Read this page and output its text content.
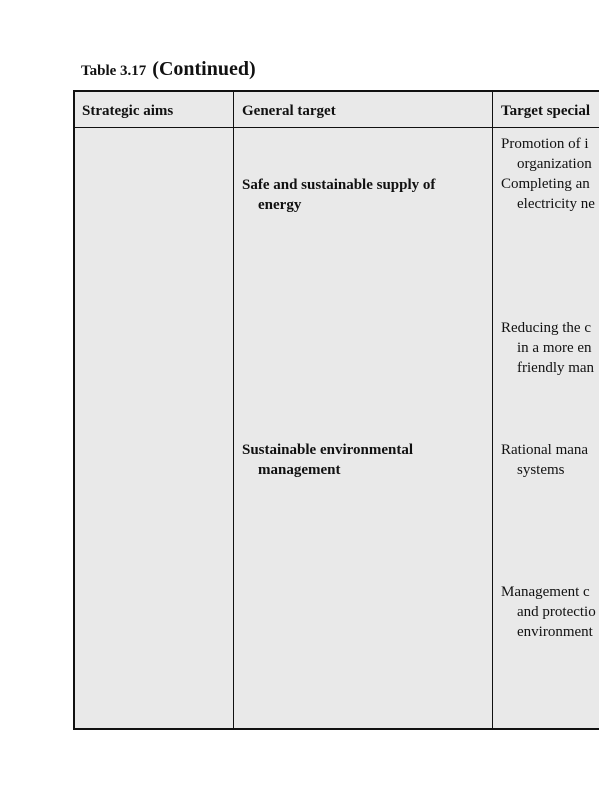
Table 3.17 (Continued)
Strategic aims	General target	Target special
Safe and sustainable supply of
energy
Sustainable environmental
management
Promotion of i
organization
Completing an
electricity ne
Reducing the c
in a more en
friendly man
Rational mana
systems
Management c
and protectio
environment
